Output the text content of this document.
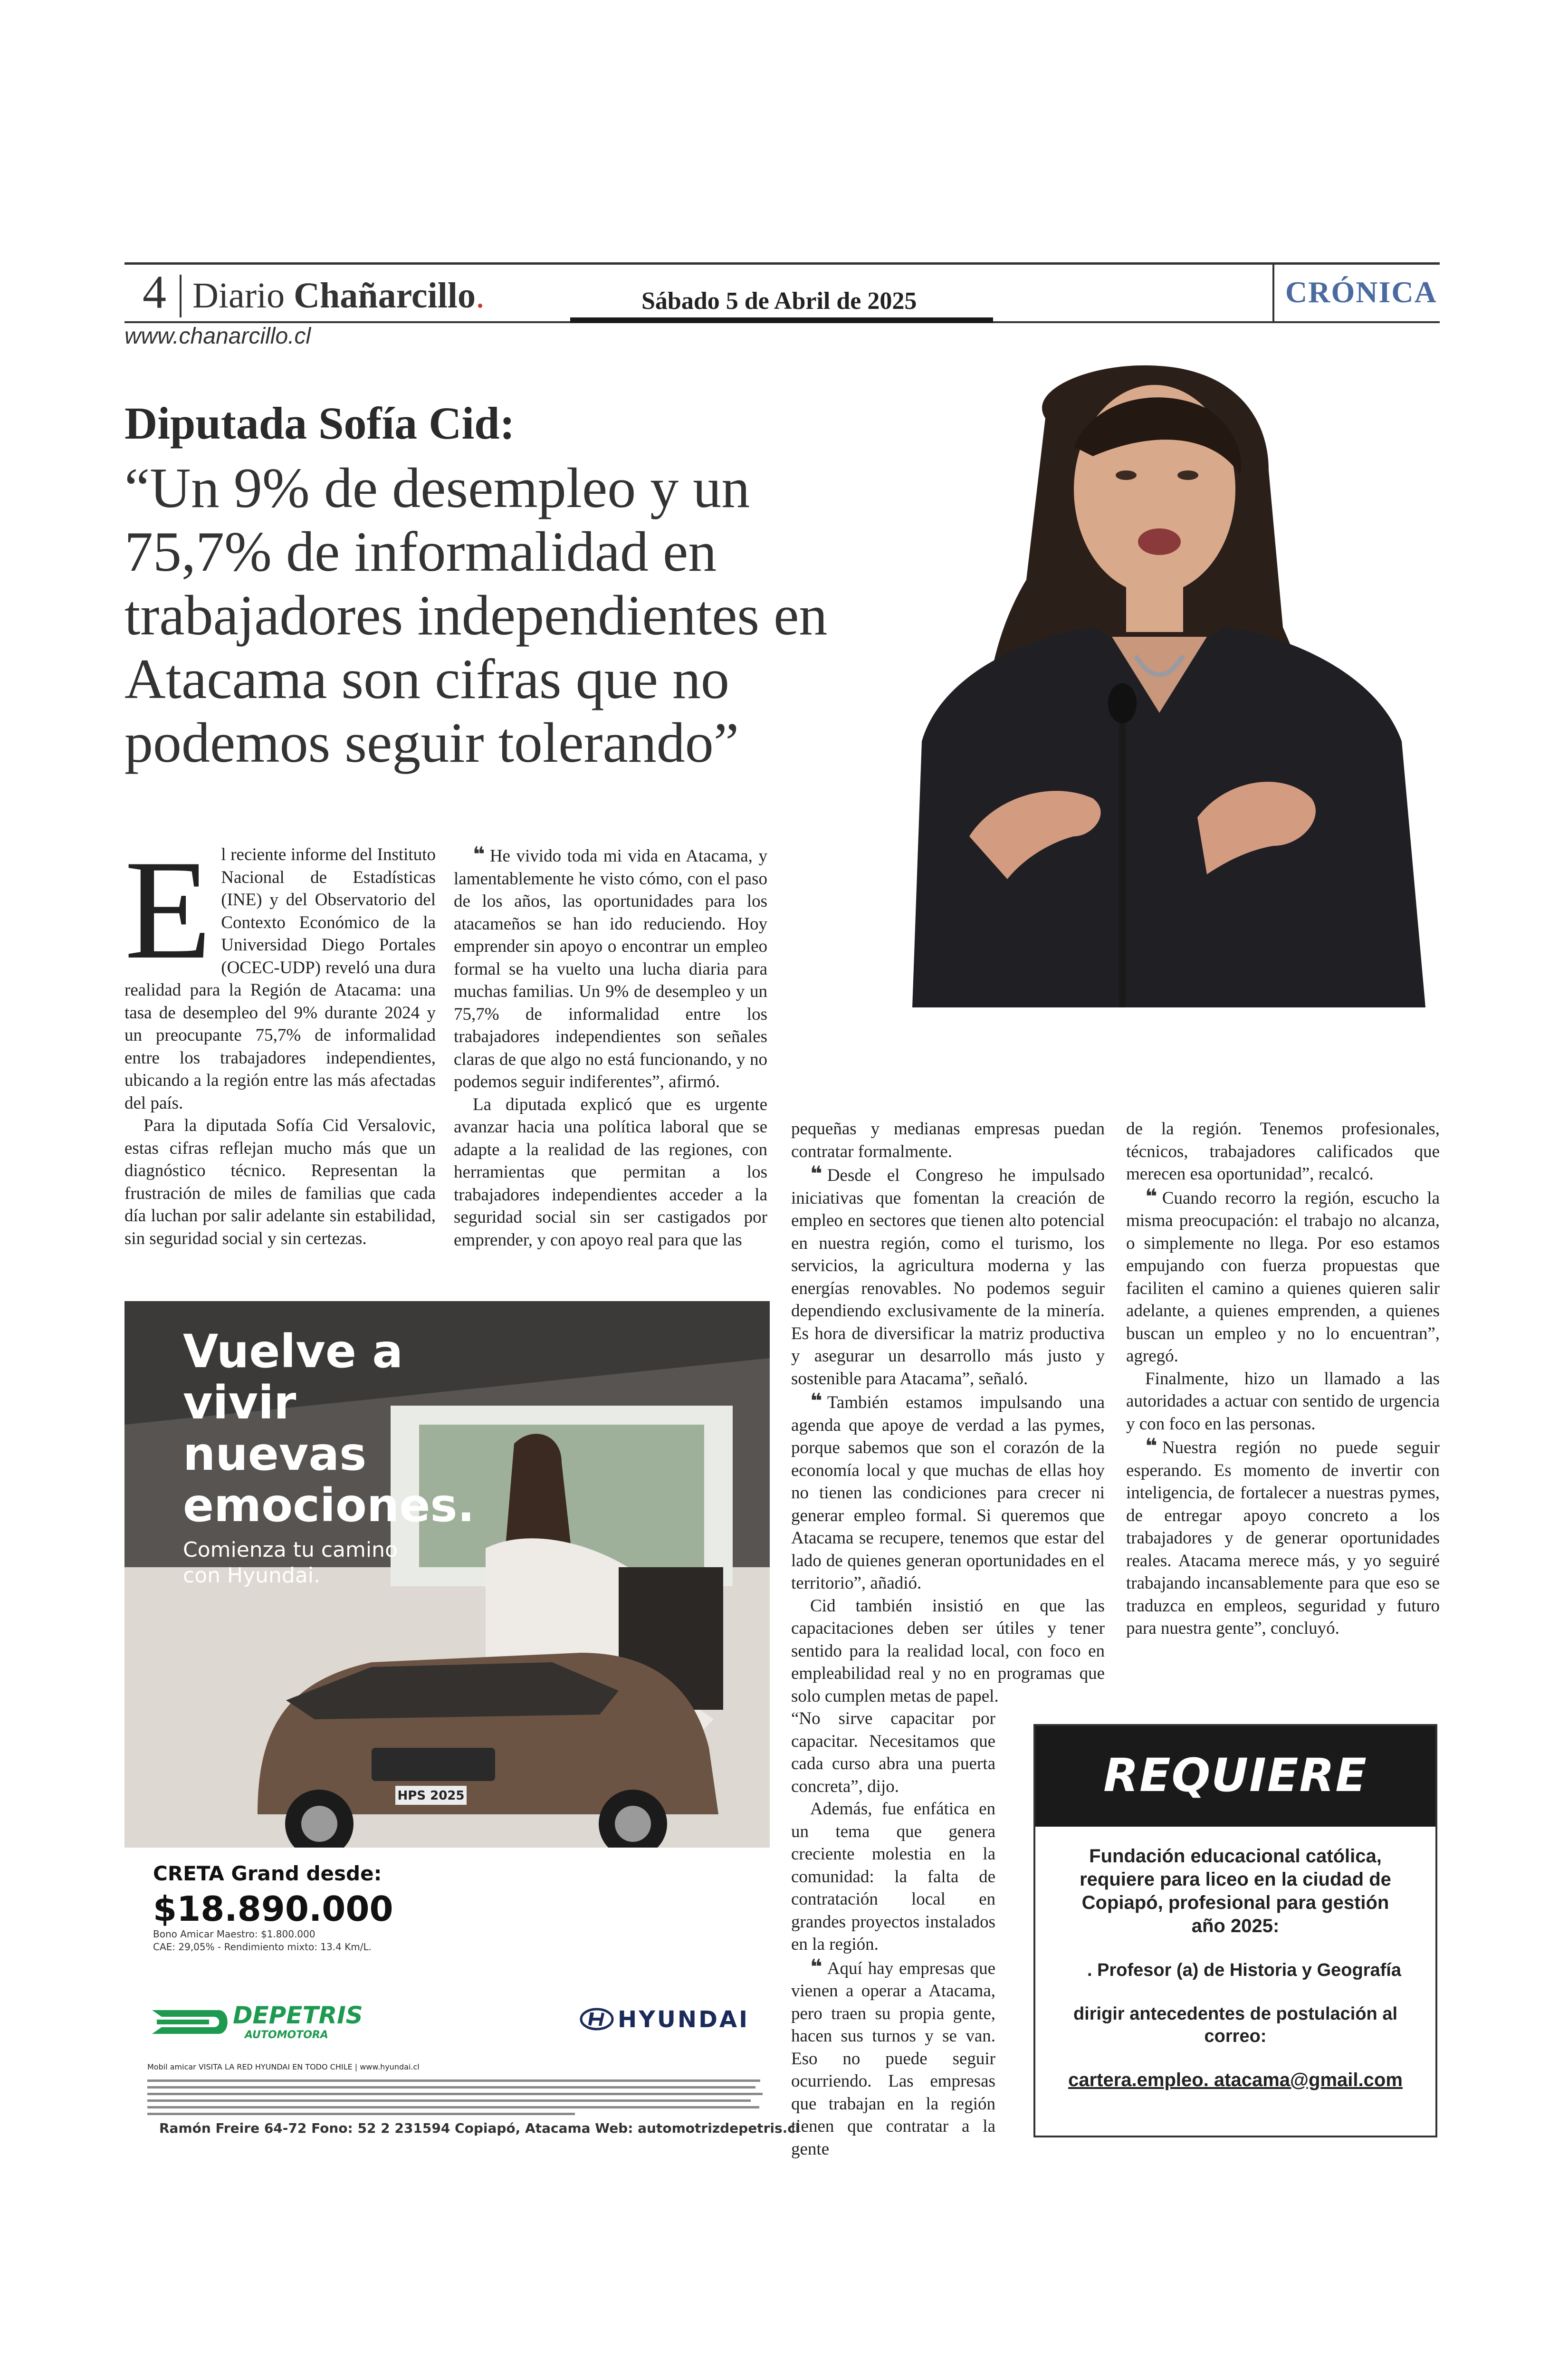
4 Diario Chañarcillo.	Sábado 5 de Abril de 2025	CRÓNICA
www.chanarcillo.cl
Diputada Sofía Cid:
“Un 9% de desempleo y un 75,7% de informalidad en trabajadores independientes en Atacama son cifras que no podemos seguir tolerando”
E l reciente informe del Instituto Nacional de Estadísticas (INE) y del Observatorio del Contexto Económico de la Universidad Diego Portales (OCEC-UDP) reveló una dura realidad para la Región de Atacama: una tasa de desempleo del 9% durante 2024 y un preocupante 75,7% de informalidad entre los trabajadores independientes, ubicando a la región entre las más afectadas del país.

Para la diputada Sofía Cid Versalovic, estas cifras reflejan mucho más que un diagnóstico técnico. Representan la frustración de miles de familias que cada día luchan por salir adelante sin estabilidad, sin seguridad social y sin certezas.

❝ He vivido toda mi vida en Atacama, y lamentablemente he visto cómo, con el paso de los años, las oportunidades para los atacameños se han ido reduciendo. Hoy emprender sin apoyo o encontrar un empleo formal se ha vuelto una lucha diaria para muchas familias. Un 9% de desempleo y un 75,7% de informalidad entre los trabajadores independientes son señales claras de que algo no está funcionando, y no podemos seguir indiferentes”, afirmó.

La diputada explicó que es urgente avanzar hacia una política laboral que se adapte a la realidad de las regiones, con herramientas que permitan a los trabajadores independientes acceder a la seguridad social sin ser castigados por emprender, y con apoyo real para que las

pequeñas y medianas empresas puedan contratar formalmente.

❝ Desde el Congreso he impulsado iniciativas que fomentan la creación de empleo en sectores que tienen alto potencial en nuestra región, como el turismo, los servicios, la agricultura moderna y las energías renovables. No podemos seguir dependiendo exclusivamente de la minería. Es hora de diversificar la matriz productiva y asegurar un desarrollo más justo y sostenible para Atacama”, señaló.

❝ También estamos impulsando una agenda que apoye de verdad a las pymes, porque sabemos que son el corazón de la economía local y que muchas de ellas hoy no tienen las condiciones para crecer ni generar empleo formal. Si queremos que Atacama se recupere, tenemos que estar del lado de quienes generan oportunidades en el territorio”, añadió.

Cid también insistió en que las capacitaciones deben ser útiles y tener sentido para la realidad local, con foco en empleabilidad real y no en programas que solo cumplen metas de papel.

“No sirve capacitar por capacitar. Necesitamos que cada curso abra una puerta concreta”, dijo.

Además, fue enfática en un tema que genera creciente molestia en la comunidad: la falta de contratación local en grandes proyectos instalados en la región.

❝ Aquí hay empresas que vienen a operar a Atacama, pero traen su propia gente, hacen sus turnos y se van. Eso no puede seguir ocurriendo. Las empresas que trabajan en la región tienen que contratar a la gente

de la región. Tenemos profesionales, técnicos, trabajadores calificados que merecen esa oportunidad”, recalcó.

❝ Cuando recorro la región, escucho la misma preocupación: el trabajo no alcanza, o simplemente no llega. Por eso estamos empujando con fuerza propuestas que faciliten el camino a quienes quieren salir adelante, a quienes emprenden, a quienes buscan un empleo y no lo encuentran”, agregó.

Finalmente, hizo un llamado a las autoridades a actuar con sentido de urgencia y con foco en las personas.

❝ Nuestra región no puede seguir esperando. Es momento de invertir con inteligencia, de fortalecer a nuestras pymes, de entregar apoyo concreto a los trabajadores y de generar oportunidades reales. Atacama merece más, y yo seguiré trabajando incansablemente para que eso se traduzca en empleos, seguridad y futuro para nuestra gente”, concluyó.

HPS 2025
Vuelve a vivir nuevas emociones.
Comienza tu camino con Hyundai.
CRETA Grand desde:
$18.890.000
Bono Amicar Maestro: $1.800.000
CAE: 29,05% - Rendimiento mixto: 13.4 Km/L.
DEPETRIS
AUTOMOTORA
HYUNDAI
Mobil amicar VISITA LA RED HYUNDAI EN TODO CHILE | www.hyundai.cl
Ramón Freire 64-72 Fono: 52 2 231594 Copiapó, Atacama Web: automotrizdepetris.cl
REQUIERE
Fundación educacional católica, requiere para liceo en la ciudad de Copiapó, profesional para gestión año 2025:
. Profesor (a) de Historia y Geografía
dirigir antecedentes de postulación al correo:
cartera.empleo. atacama@gmail.com
